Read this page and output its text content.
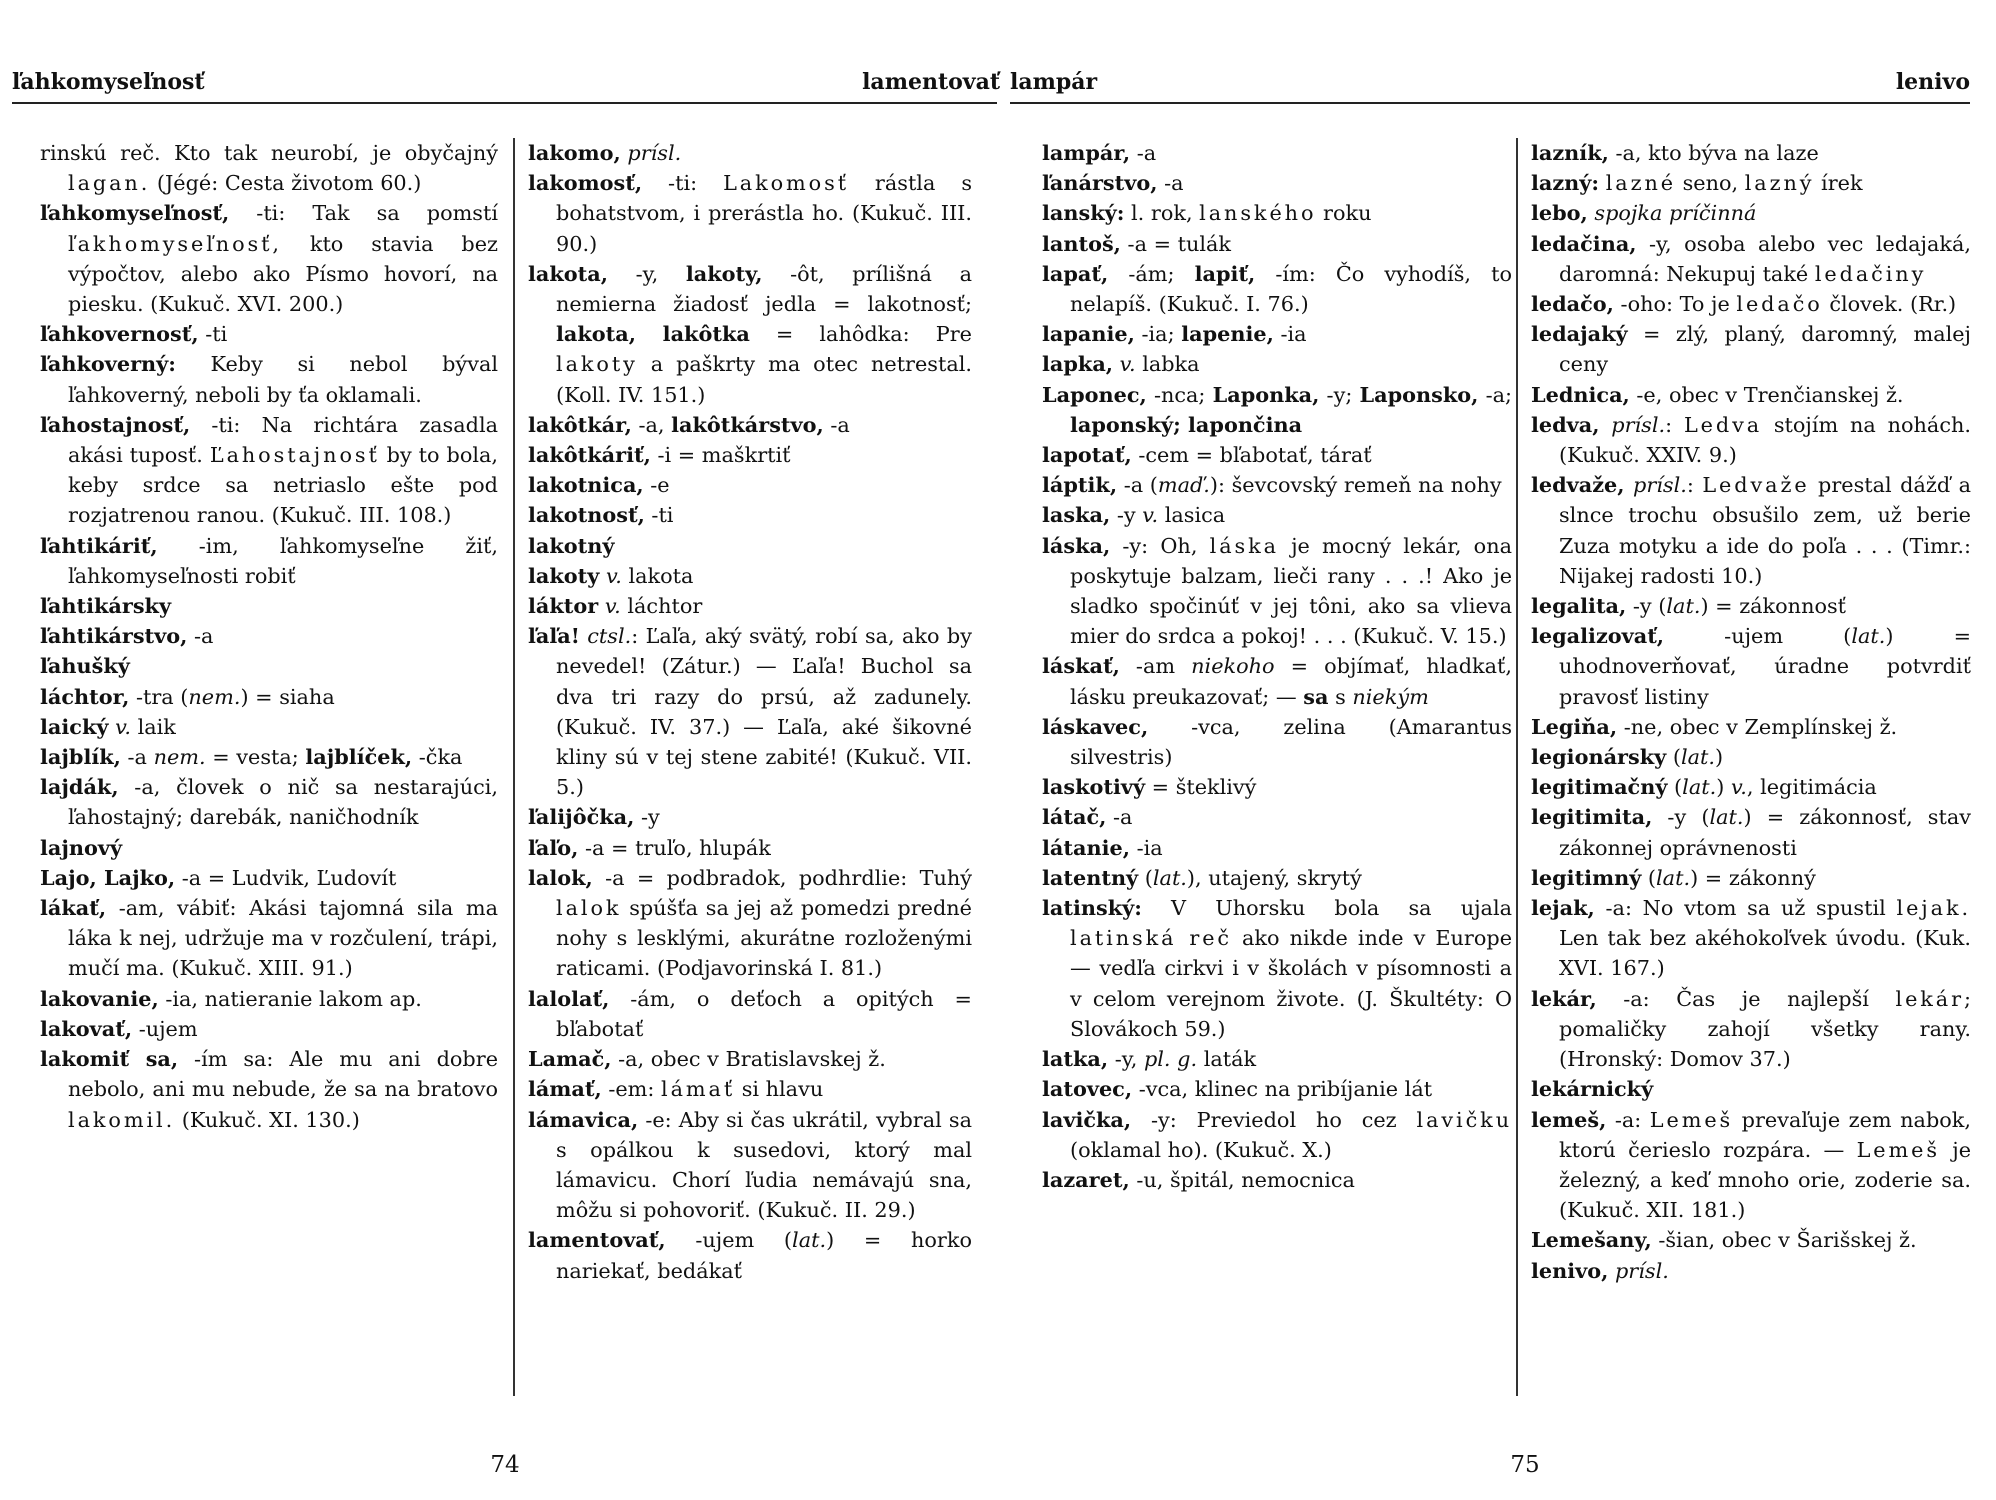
ľahkomyseľnosť	lamentovať

rinskú reč. Kto tak neurobí, je obyčajný lagan. (Jégé: Cesta životom 60.)

ľahkomyseľnosť, -ti: Tak sa pomstí ľakhomyseľnosť, kto stavia bez výpočtov, alebo ako Písmo hovorí, na piesku. (Kukuč. XVI. 200.)

ľahkovernosť, -ti

ľahkoverný: Keby si nebol býval ľahkoverný, neboli by ťa oklamali.

ľahostajnosť, -ti: Na richtára zasadla akási tuposť. Ľahostajnosť by to bola, keby srdce sa netriaslo ešte pod rozjatrenou ranou. (Kukuč. III. 108.)

ľahtikáriť, -im, ľahkomyseľne žiť, ľahkomyseľnosti robiť

ľahtikársky

ľahtikárstvo, -a

ľahušký

láchtor, -tra (nem.) = siaha

laický v. laik

lajblík, -a nem. = vesta; lajblíček, -čka

lajdák, -a, človek o nič sa nestarajúci, ľahostajný; darebák, naničhodník

lajnový

Lajo, Lajko, -a = Ludvik, Ľudovít

lákať, -am, vábiť: Akási tajomná sila ma láka k nej, udržuje ma v rozčulení, trápi, mučí ma. (Kukuč. XIII. 91.)

lakovanie, -ia, natieranie lakom ap.

lakovať, -ujem

lakomiť sa, -ím sa: Ale mu ani dobre nebolo, ani mu nebude, že sa na bratovo lakomil. (Kukuč. XI. 130.)

lakomo, prísl.

lakomosť, -ti: Lakomosť rástla s bohatstvom, i prerástla ho. (Kukuč. III. 90.)

lakota, -y, lakoty, -ôt, prílišná a nemierna žiadosť jedla = lakotnosť; lakota, lakôtka = lahôdka: Pre lakoty a paškrty ma otec netrestal. (Koll. IV. 151.)

lakôtkár, -a, lakôtkárstvo, -a

lakôtkáriť, -i = maškrtiť

lakotnica, -e

lakotnosť, -ti

lakotný

lakoty v. lakota

láktor v. láchtor

ľaľa! ctsl.: Ľaľa, aký svätý, robí sa, ako by nevedel! (Zátur.) — Ľaľa! Buchol sa dva tri razy do prsú, až zadunely. (Kukuč. IV. 37.) — Ľaľa, aké šikovné kliny sú v tej stene zabité! (Kukuč. VII. 5.)

ľalijôčka, -y

ľaľo, -a = truľo, hlupák

lalok, -a = podbradok, podhrdlie: Tuhý lalok spúšťa sa jej až pomedzi predné nohy s lesklými, akurátne rozloženými raticami. (Podjavorinská I. 81.)

lalolať, -ám, o deťoch a opitých = bľabotať

Lamač, -a, obec v Bratislavskej ž.

lámať, -em: lámať si hlavu

lámavica, -e: Aby si čas ukrátil, vybral sa s opálkou k susedovi, ktorý mal lámavicu. Chorí ľudia nemávajú sna, môžu si pohovoriť. (Kukuč. II. 29.)

lamentovať, -ujem (lat.) = horko nariekať, bedákať

74
lampár	lenivo

lampár, -a

ľanárstvo, -a

lanský: l. rok, lanského roku

lantoš, -a = tulák

lapať, -ám; lapiť, -ím: Čo vyhodíš, to nelapíš. (Kukuč. I. 76.)

lapanie, -ia; lapenie, -ia

lapka, v. labka

Laponec, -nca; Laponka, -y; Laponsko, -a; laponský; lapončina

lapotať, -cem = bľabotať, tárať

láptik, -a (maď.): ševcovský remeň na nohy

laska, -y v. lasica

láska, -y: Oh, láska je mocný lekár, ona poskytuje balzam, lieči rany . . .! Ako je sladko spočinúť v jej tôni, ako sa vlieva mier do srdca a pokoj! . . . (Kukuč. V. 15.)

láskať, -am niekoho = objímať, hladkať, lásku preukazovať; — sa s niekým

láskavec, -vca, zelina (Amarantus silvestris)

laskotivý = šteklivý

látač, -a

látanie, -ia

latentný (lat.), utajený, skrytý

latinský: V Uhorsku bola sa ujala latinská reč ako nikde inde v Europe — vedľa cirkvi i v školách v písomnosti a v celom verejnom živote. (J. Škultéty: O Slovákoch 59.)

latka, -y, pl. g. laták

latovec, -vca, klinec na pribíjanie lát

lavička, -y: Previedol ho cez lavičku (oklamal ho). (Kukuč. X.)

lazaret, -u, špitál, nemocnica

lazník, -a, kto býva na laze

lazný: lazné seno, lazný írek

lebo, spojka príčinná

ledačina, -y, osoba alebo vec ledajaká, daromná: Nekupuj také ledačiny

ledačo, -oho: To je ledačo človek. (Rr.)

ledajaký = zlý, planý, daromný, malej ceny

Lednica, -e, obec v Trenčianskej ž.

ledva, prísl.: Ledva stojím na nohách. (Kukuč. XXIV. 9.)

ledvaže, prísl.: Ledvaže prestal dážď a slnce trochu obsušilo zem, už berie Zuza motyku a ide do poľa . . . (Timr.: Nijakej radosti 10.)

legalita, -y (lat.) = zákonnosť

legalizovať, -ujem (lat.) = uhodnoverňovať, úradne potvrdiť pravosť listiny

Legiňa, -ne, obec v Zemplínskej ž.

legionársky (lat.)

legitimačný (lat.) v., legitimácia

legitimita, -y (lat.) = zákonnosť, stav zákonnej oprávnenosti

legitimný (lat.) = zákonný

lejak, -a: No vtom sa už spustil lejak. Len tak bez akéhokoľvek úvodu. (Kuk. XVI. 167.)

lekár, -a: Čas je najlepší lekár; pomaličky zahojí všetky rany. (Hronský: Domov 37.)

lekárnický

lemeš, -a: Lemeš prevaľuje zem nabok, ktorú čerieslo rozpára. — Lemeš je železný, a keď mnoho orie, zoderie sa. (Kukuč. XII. 181.)

Lemešany, -šian, obec v Šarišskej ž.

lenivo, prísl.

75
